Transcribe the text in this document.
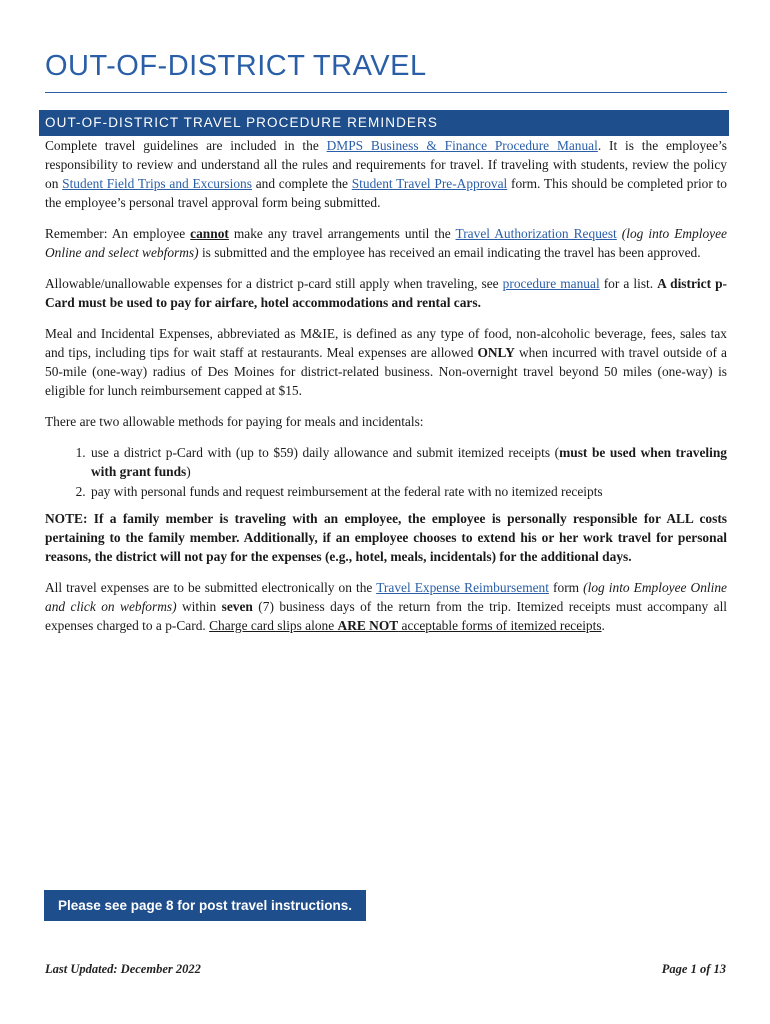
OUT-OF-DISTRICT TRAVEL
OUT-OF-DISTRICT TRAVEL PROCEDURE REMINDERS

Complete travel guidelines are included in the DMPS Business & Finance Procedure Manual. It is the employee’s responsibility to review and understand all the rules and requirements for travel. If traveling with students, review the policy on Student Field Trips and Excursions and complete the Student Travel Pre-Approval form. This should be completed prior to the employee’s personal travel approval form being submitted.

Remember: An employee cannot make any travel arrangements until the Travel Authorization Request (log into Employee Online and select webforms) is submitted and the employee has received an email indicating the travel has been approved.

Allowable/unallowable expenses for a district p-card still apply when traveling, see procedure manual for a list. A district p-Card must be used to pay for airfare, hotel accommodations and rental cars.

Meal and Incidental Expenses, abbreviated as M&IE, is defined as any type of food, non-alcoholic beverage, fees, sales tax and tips, including tips for wait staff at restaurants. Meal expenses are allowed ONLY when incurred with travel outside of a 50-mile (one-way) radius of Des Moines for district-related business. Non-overnight travel beyond 50 miles (one-way) is eligible for lunch reimbursement capped at $15.

There are two allowable methods for paying for meals and incidentals:

1. use a district p-Card with (up to $59) daily allowance and submit itemized receipts (must be used when traveling with grant funds)
2. pay with personal funds and request reimbursement at the federal rate with no itemized receipts

NOTE: If a family member is traveling with an employee, the employee is personally responsible for ALL costs pertaining to the family member. Additionally, if an employee chooses to extend his or her work travel for personal reasons, the district will not pay for the expenses (e.g., hotel, meals, incidentals) for the additional days.

All travel expenses are to be submitted electronically on the Travel Expense Reimbursement form (log into Employee Online and click on webforms) within seven (7) business days of the return from the trip. Itemized receipts must accompany all expenses charged to a p-Card. Charge card slips alone ARE NOT acceptable forms of itemized receipts.

Please see page 8 for post travel instructions.
Last Updated: December 2022	Page 1 of 13
